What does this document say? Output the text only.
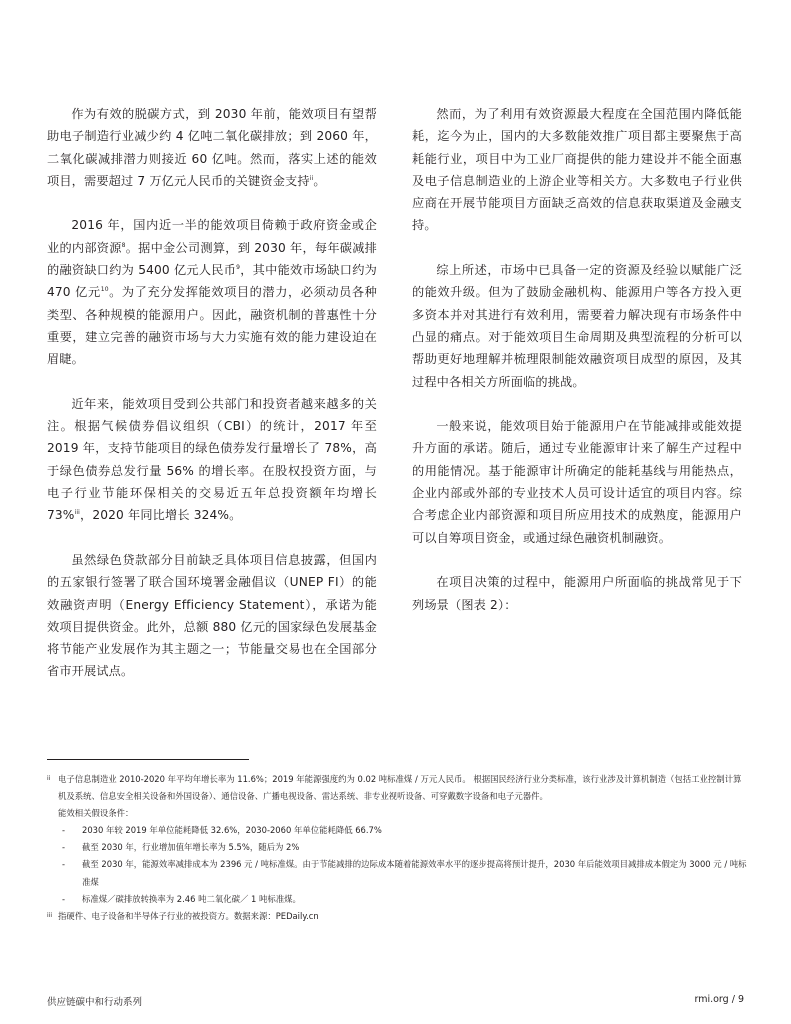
作为有效的脱碳方式，到 2030 年前，能效项目有望帮助电子制造行业减少约 4 亿吨二氧化碳排放；到 2060 年，二氧化碳减排潜力则接近 60 亿吨。然而，落实上述的能效项目，需要超过 7 万亿元人民币的关键资金支持$^{ii}$。

2016 年，国内近一半的能效项目倚赖于政府资金或企业的内部资源$^8$。据中金公司测算，到 2030 年，每年碳减排的融资缺口约为 5400 亿元人民币$^9$，其中能效市场缺口约为 470 亿元$^{10}$。为了充分发挥能效项目的潜力，必须动员各种类型、各种规模的能源用户。因此，融资机制的普惠性十分重要，建立完善的融资市场与大力实施有效的能力建设迫在眉睫。

近年来，能效项目受到公共部门和投资者越来越多的关注。根据气候债券倡议组织（CBI）的统计，2017 年至 2019 年，支持节能项目的绿色债券发行量增长了 78%，高于绿色债券总发行量 56% 的增长率。在股权投资方面，与电子行业节能环保相关的交易近五年总投资额年均增长 73%$^{iii}$，2020 年同比增长 324%。

虽然绿色贷款部分目前缺乏具体项目信息披露，但国内的五家银行签署了联合国环境署金融倡议（UNEP FI）的能效融资声明（Energy Efficiency Statement），承诺为能效项目提供资金。此外，总额 880 亿元的国家绿色发展基金将节能产业发展作为其主题之一；节能量交易也在全国部分省市开展试点。

然而，为了利用有效资源最大程度在全国范围内降低能耗，迄今为止，国内的大多数能效推广项目都主要聚焦于高耗能行业，项目中为工业厂商提供的能力建设并不能全面惠及电子信息制造业的上游企业等相关方。大多数电子行业供应商在开展节能项目方面缺乏高效的信息获取渠道及金融支持。

综上所述，市场中已具备一定的资源及经验以赋能广泛的能效升级。但为了鼓励金融机构、能源用户等各方投入更多资本并对其进行有效利用，需要着力解决现有市场条件中凸显的痛点。对于能效项目生命周期及典型流程的分析可以帮助更好地理解并梳理限制能效融资项目成型的原因，及其过程中各相关方所面临的挑战。

一般来说，能效项目始于能源用户在节能减排或能效提升方面的承诺。随后，通过专业能源审计来了解生产过程中的用能情况。基于能源审计所确定的能耗基线与用能热点，企业内部或外部的专业技术人员可设计适宜的项目内容。综合考虑企业内部资源和项目所应用技术的成熟度，能源用户可以自筹项目资金，或通过绿色融资机制融资。

在项目决策的过程中，能源用户所面临的挑战常见于下列场景（图表 2）：

ii 电子信息制造业 2010-2020 年平均年增长率为 11.6%；2019 年能源强度约为 0.02 吨标准煤 / 万元人民币。 根据国民经济行业分类标准，该行业涉及计算机制造（包括工业控制计算机及系统、信息安全相关设备和外国设备）、通信设备、广播电视设备、雷达系统、非专业视听设备、可穿戴数字设备和电子元器件。
能效相关假设条件：
- 2030 年较 2019 年单位能耗降低 32.6%，2030-2060 年单位能耗降低 66.7%
- 截至 2030 年，行业增加值年增长率为 5.5%，随后为 2%
- 截至 2030 年，能源效率减排成本为 2396 元 / 吨标准煤。由于节能减排的边际成本随着能源效率水平的逐步提高将预计提升，2030 年后能效项目减排成本假定为 3000 元 / 吨标准煤
- 标准煤／碳排放转换率为 2.46 吨二氧化碳／ 1 吨标准煤。
iii 指硬件、电子设备和半导体子行业的被投资方。数据来源：PEDaily.cn
供应链碳中和行动系列	rmi.org / 9
